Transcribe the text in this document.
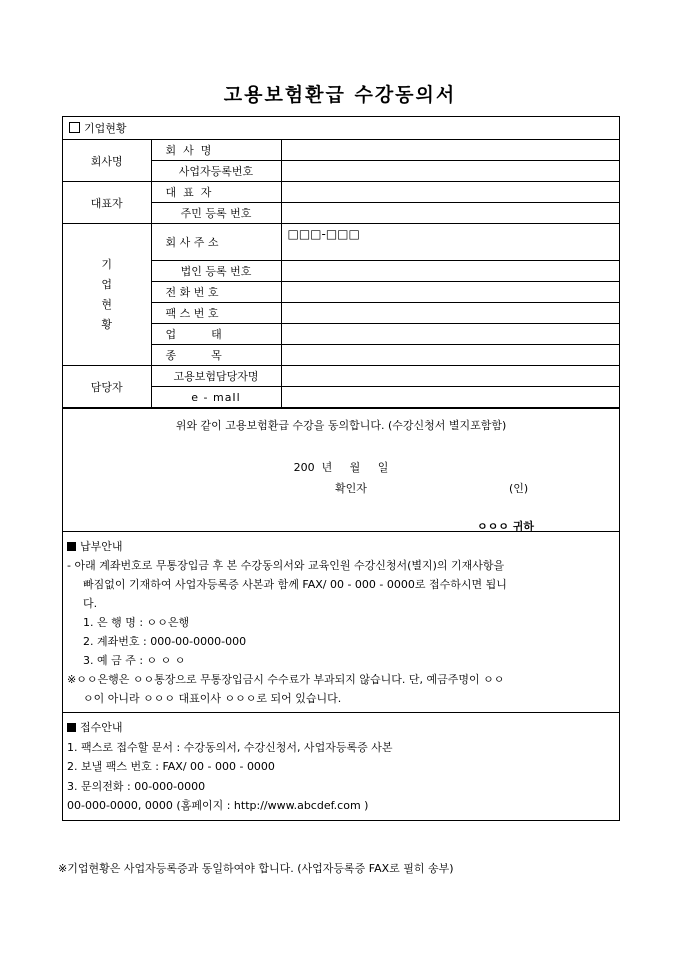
고용보험환급 수강동의서
기업현황		
회사명	회  사  명	
	사업자등록번호	
대표자	대  표  자	
	주민 등록 번호	
기
업
현
황	회 사 주 소	□□□-□□□
	법인 등록 번호	
	전 화 번 호	
	팩 스 번 호	
	업          태	
	종          목	

담당자	고용보험담당자명	
	e - maIl	
위와 같이 고용보험환급 수강을 동의합니다. (수강신청서 별지포함함)
200  년     월     일
확인자	(인)
ㅇㅇㅇ 귀하
납부안내
- 아래 계좌번호로 무통장입금 후 본 수강동의서와 교육인원 수강신청서(별지)의 기재사항을
빠짐없이 기재하여 사업자등록증 사본과 함께 FAX/ 00 - 000 - 0000로 접수하시면 됩니
다.
1. 은 행 명 : ㅇㅇ은행
2. 계좌번호 : 000-00-0000-000
3. 예 금 주 : ㅇ ㅇ ㅇ
※ㅇㅇ은행은 ㅇㅇ통장으로 무통장입금시 수수료가 부과되지 않습니다. 단, 예금주명이 ㅇㅇ
ㅇ이 아니라 ㅇㅇㅇ 대표이사 ㅇㅇㅇ로 되어 있습니다.
접수안내
1. 팩스로 접수할 문서 : 수강동의서, 수강신청서, 사업자등록증 사본
2. 보낼 팩스 번호 : FAX/ 00 - 000 - 0000
3. 문의전화 : 00-000-0000
00-000-0000, 0000 (홈페이지 : http://www.abcdef.com )
※기업현황은 사업자등록증과 동일하여야 합니다. (사업자등록증 FAX로 필히 송부)
